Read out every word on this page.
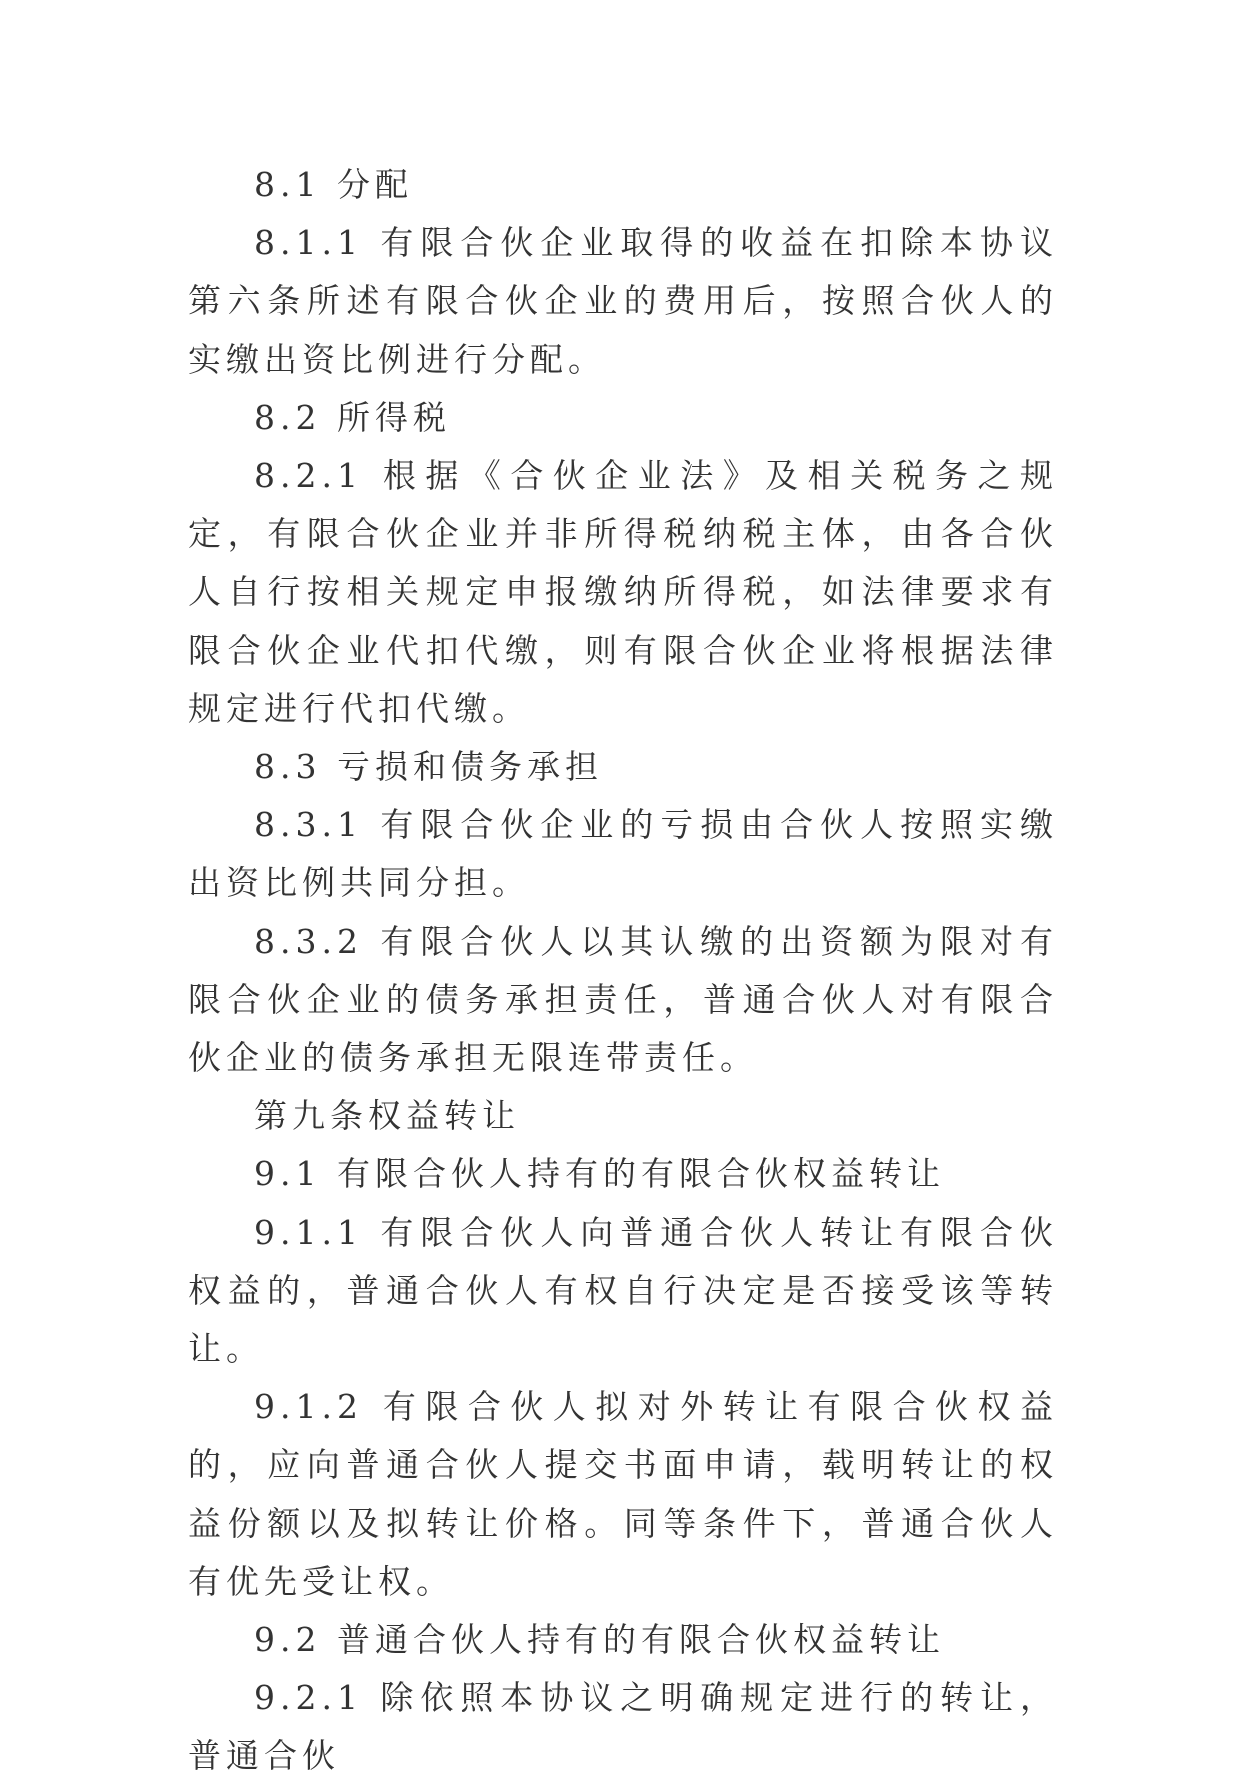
8.1 分配

8.1.1 有限合伙企业取得的收益在扣除本协议第六条所述有限合伙企业的费用后，按照合伙人的实缴出资比例进行分配。

8.2 所得税

8.2.1 根据《合伙企业法》及相关税务之规定，有限合伙企业并非所得税纳税主体，由各合伙人自行按相关规定申报缴纳所得税，如法律要求有限合伙企业代扣代缴，则有限合伙企业将根据法律规定进行代扣代缴。

8.3 亏损和债务承担

8.3.1 有限合伙企业的亏损由合伙人按照实缴出资比例共同分担。

8.3.2 有限合伙人以其认缴的出资额为限对有限合伙企业的债务承担责任，普通合伙人对有限合伙企业的债务承担无限连带责任。

第九条权益转让

9.1 有限合伙人持有的有限合伙权益转让

9.1.1 有限合伙人向普通合伙人转让有限合伙权益的，普通合伙人有权自行决定是否接受该等转让。

9.1.2 有限合伙人拟对外转让有限合伙权益的，应向普通合伙人提交书面申请，载明转让的权益份额以及拟转让价格。同等条件下，普通合伙人有优先受让权。

9.2 普通合伙人持有的有限合伙权益转让

9.2.1 除依照本协议之明确规定进行的转让，普通合伙
